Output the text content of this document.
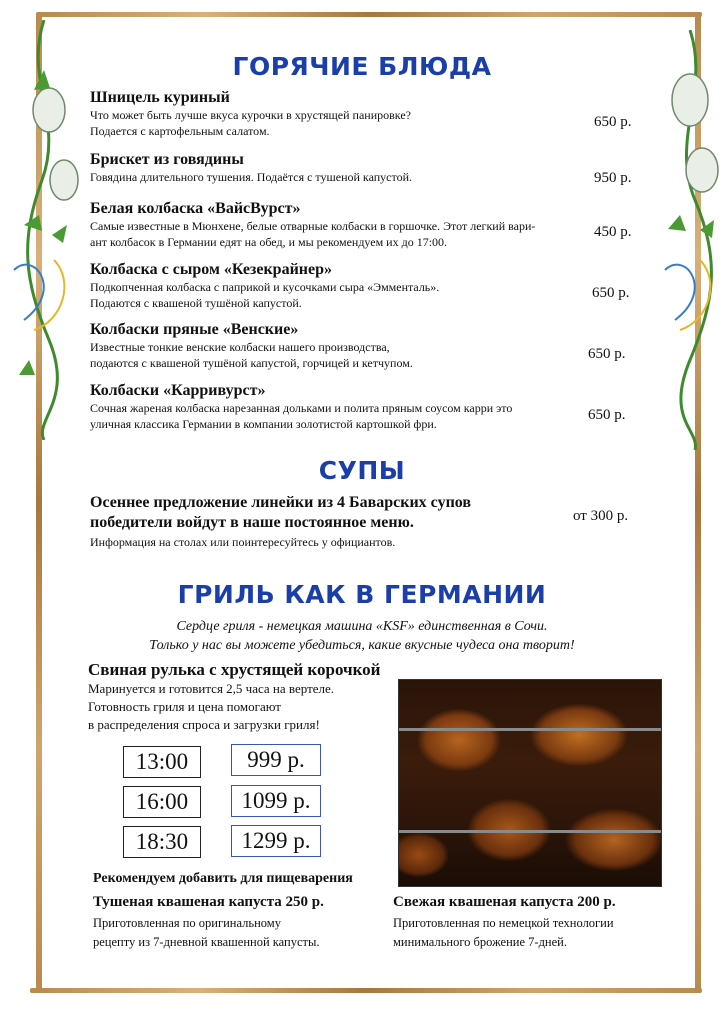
ГОРЯЧИЕ БЛЮДА
Шницель куриный
Что может быть лучше вкуса курочки в хрустящей панировке?
Подается с картофельным салатом.
650 р.
Брискет из говядины
Говядина длительного тушения. Подаётся с тушеной капустой.	950 р.
Белая колбаска «ВайсВурст»
Самые известные в Мюнхене, белые отварные колбаски в горшочке. Этот легкий вари-
ант колбасок в Германии едят на обед, и мы рекомендуем их до 17:00.
450 р.
Колбаска с сыром «Кезекрайнер»
Подкопченная колбаска с паприкой и кусочками сыра «Эмменталь».
Подаются с квашеной тушёной капустой.
650 р.
Колбаски пряные «Венские»
Известные тонкие венские колбаски нашего производства,
подаются с квашеной тушёной капустой, горчицей и кетчупом.
650 р.
Колбаски «Карривурст»
Сочная жареная колбаска нарезанная дольками и полита пряным соусом карри это
уличная классика Германии в компании золотистой картошкой фри.
650 р.
СУПЫ
Осеннее предложение линейки из 4 Баварских супов
победители войдут в наше постоянное меню.
Информация на столах или поинтересуйтесь у официантов.
от 300 р.
ГРИЛЬ КАК В ГЕРМАНИИ
Сердце гриля - немецкая машина «KSF» единственная в Сочи.
Только у нас вы можете убедиться, какие вкусные чудеса она творит!
Свиная рулька с хрустящей корочкой
Маринуется и готовится 2,5 часа на вертеле.
Готовность гриля и цена помогают
в распределения спроса и загрузки гриля!
13:00
16:00
18:30
999 р.
1099 р.
1299 р.
Рекомендуем добавить для пищеварения
Тушеная квашеная капуста 250 р.
Приготовленная по оригинальному
рецепту из 7-дневной квашенной капусты.
Свежая квашеная капуста 200 р.
Приготовленная по немецкой технологии
минимального брожение 7-дней.
